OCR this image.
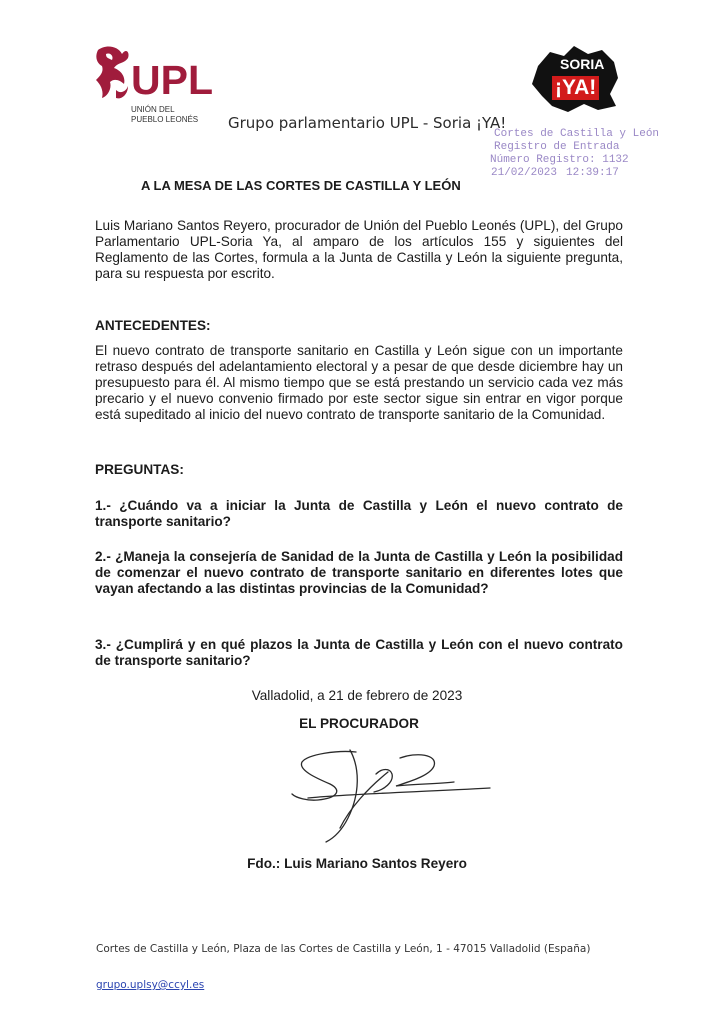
UPL
UNIÓN DEL
PUEBLO LEONÉS Grupo parlamentario UPL - Soria ¡YA!
SORIA
¡YA!
Cortes de Castilla y León
Registro de Entrada
Número Registro: 1132
21/02/2023 12:39:17
A LA MESA DE LAS CORTES DE CASTILLA Y LEÓN
Luis Mariano Santos Reyero, procurador de Unión del Pueblo Leonés (UPL), del Grupo Parlamentario UPL-Soria Ya, al amparo de los artículos 155 y siguientes del Reglamento de las Cortes, formula a la Junta de Castilla y León la siguiente pregunta, para su respuesta por escrito.
ANTECEDENTES:
El nuevo contrato de transporte sanitario en Castilla y León sigue con un importante retraso después del adelantamiento electoral y a pesar de que desde diciembre hay un presupuesto para él. Al mismo tiempo que se está prestando un servicio cada vez más precario y el nuevo convenio firmado por este sector sigue sin entrar en vigor porque está supeditado al inicio del nuevo contrato de transporte sanitario de la Comunidad.
PREGUNTAS:
1.- ¿Cuándo va a iniciar la Junta de Castilla y León el nuevo contrato de transporte sanitario?
2.- ¿Maneja la consejería de Sanidad de la Junta de Castilla y León la posibilidad de comenzar el nuevo contrato de transporte sanitario en diferentes lotes que vayan afectando a las distintas provincias de la Comunidad?
3.- ¿Cumplirá y en qué plazos la Junta de Castilla y León con el nuevo contrato de transporte sanitario?
Valladolid, a 21 de febrero de 2023
EL PROCURADOR
Fdo.: Luis Mariano Santos Reyero
Cortes de Castilla y León, Plaza de las Cortes de Castilla y León, 1 - 47015 Valladolid (España)
grupo.uplsy@ccyl.es
